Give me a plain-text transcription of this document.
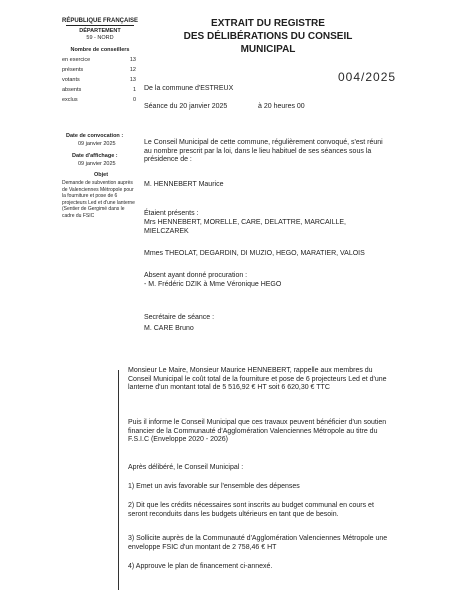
RÉPUBLIQUE FRANÇAISE
DÉPARTEMENT
59 - NORD
Nombre de conseillers
en exercice	13
présents	12
votants	13
absents	1
exclus	0
Date de convocation :
09 janvier 2025
Date d'affichage :
09 janvier 2025
Objet
Demande de subvention auprès de Valenciennes Métropole pour la fourniture et pose de 6 projecteurs Led et d'une lanterne (Sentier de Gergimé dans le cadre du FSIC
EXTRAIT DU REGISTRE
DES DÉLIBÉRATIONS DU CONSEIL
MUNICIPAL
004/2025
De la commune d'ESTREUX
Séance du 20 janvier 2025	à 20 heures 00
Le Conseil Municipal de cette commune, régulièrement convoqué, s'est réuni au nombre prescrit par la loi, dans le lieu habituel de ses séances sous la présidence de :
M. HENNEBERT Maurice
Étaient présents :
Mrs HENNEBERT, MORELLE, CARE, DELATTRE, MARCAILLE, MIELCZAREK
Mmes THEOLAT, DEGARDIN, DI MUZIO, HEGO, MARATIER, VALOIS
Absent ayant donné procuration :
- M. Frédéric DZIK à Mme Véronique HEGO
Secrétaire de séance :
M. CARE Bruno
Monsieur Le Maire, Monsieur Maurice HENNEBERT, rappelle aux membres du Conseil Municipal le coût total de la fourniture et pose de 6 projecteurs Led et d'une lanterne d'un montant total de 5 516,92 € HT soit 6 620,30 € TTC
Puis il informe le Conseil Municipal que ces travaux peuvent bénéficier d'un soutien financier de la Communauté d'Agglomération Valenciennes Métropole au titre du F.S.I.C (Enveloppe 2020 - 2026)
Après délibéré, le Conseil Municipal :
1) Emet un avis favorable sur l'ensemble des dépenses
2) Dit que les crédits nécessaires sont inscrits au budget communal en cours et seront reconduits dans les budgets ultérieurs en tant que de besoin.
3) Sollicite auprès de la Communauté d'Agglomération Valenciennes Métropole une enveloppe FSIC d'un montant de 2 758,46 € HT
4) Approuve le plan de financement ci-annexé.
